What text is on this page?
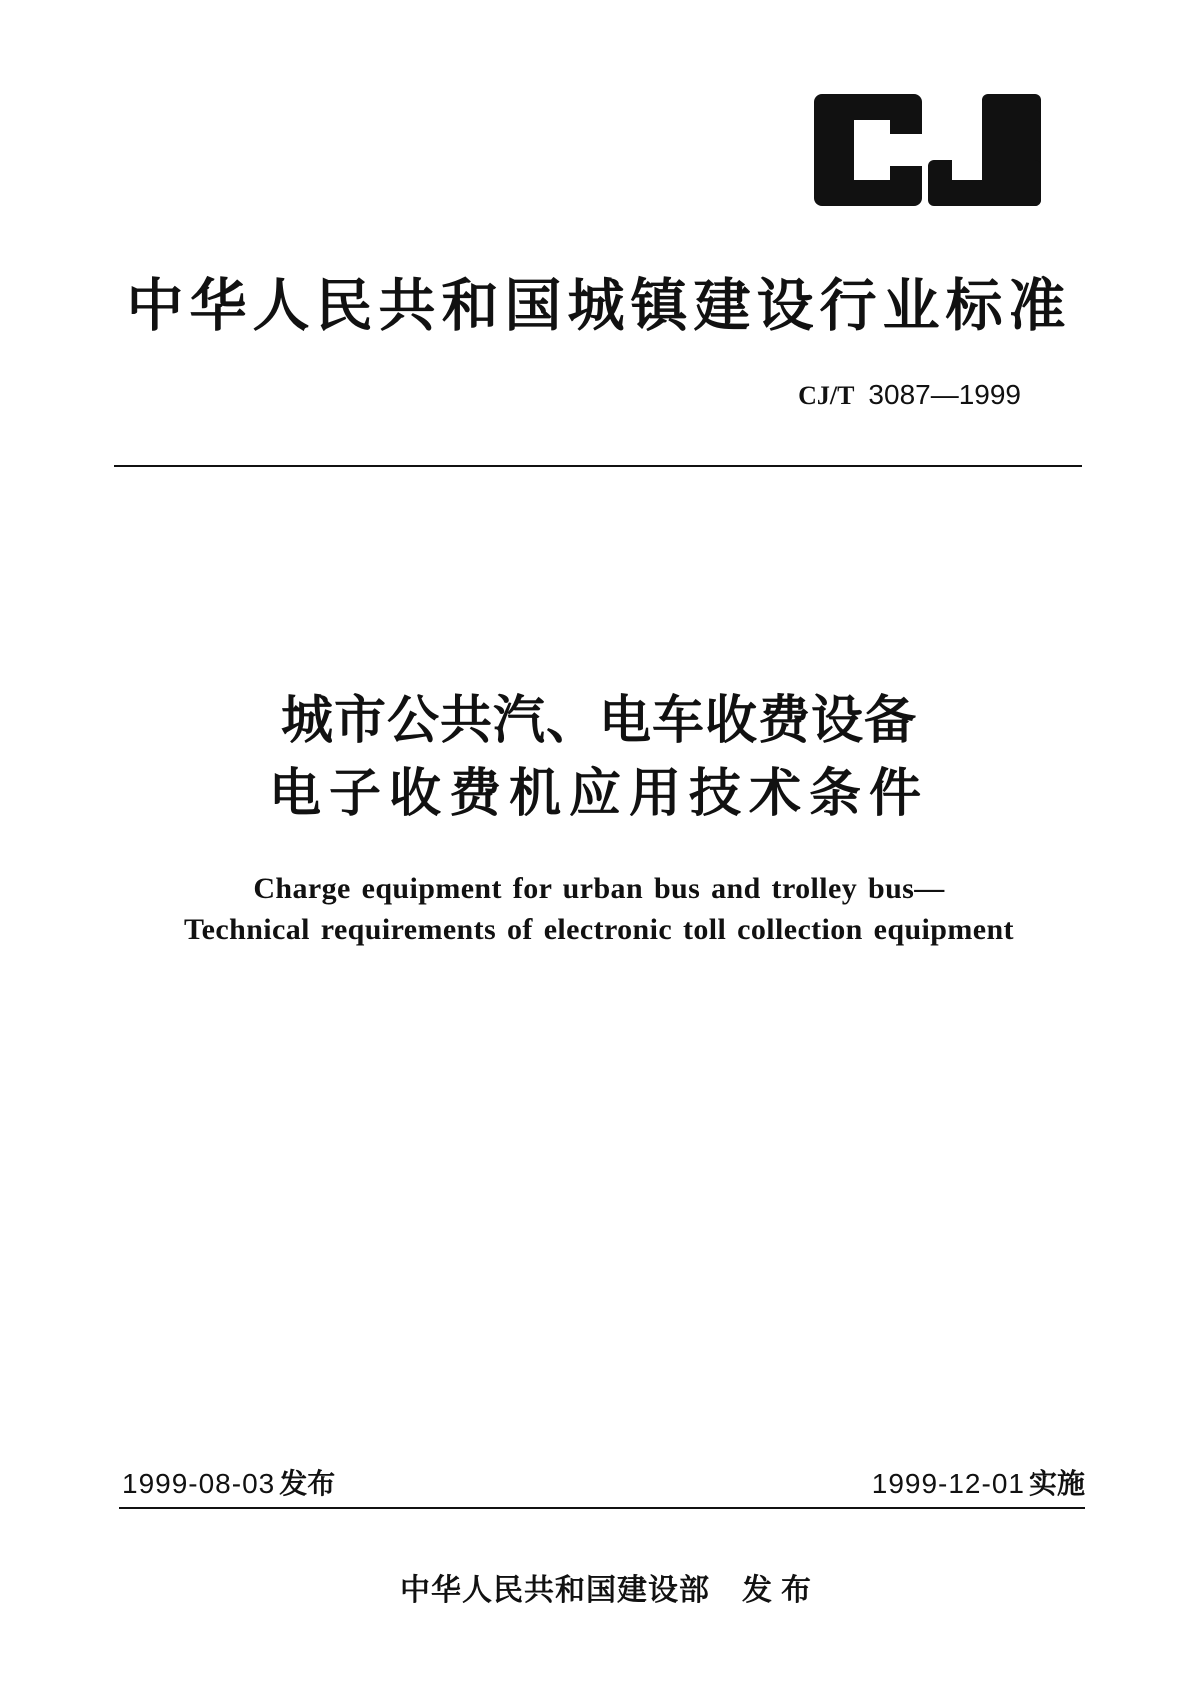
中华人民共和国城镇建设行业标准
CJ/T 3087—1999
城市公共汽、电车收费设备
电子收费机应用技术条件
Charge equipment for urban bus and trolley bus—
Technical requirements of electronic toll collection equipment
1999-08-03 发布	1999-12-01 实施
中华人民共和国建设部 发布
